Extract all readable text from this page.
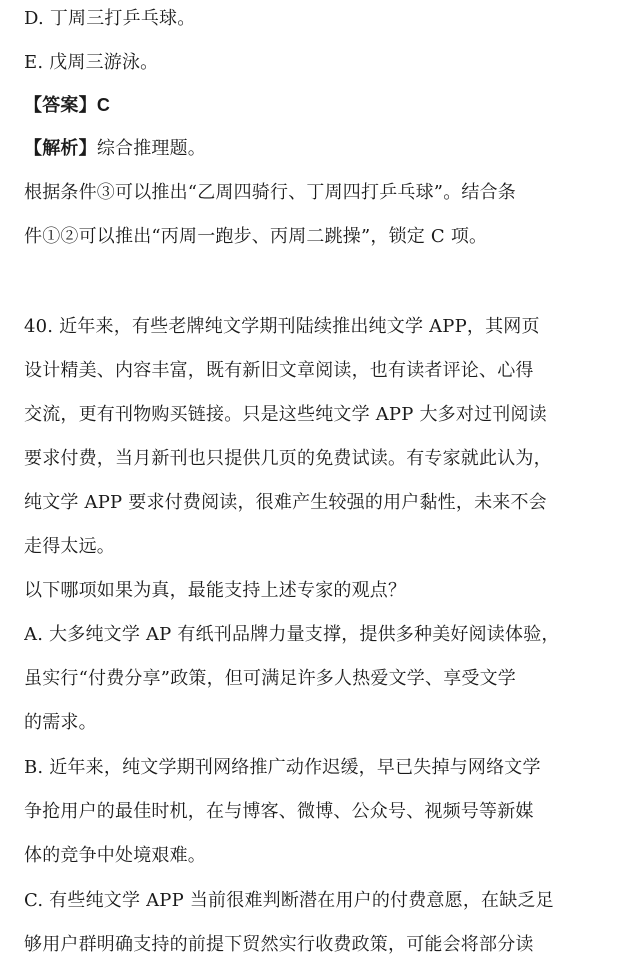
D. 丁周三打乒乓球。
E. 戊周三游泳。
【答案】C
【解析】综合推理题。
根据条件③可以推出“乙周四骑行、丁周四打乒乓球”。结合条
件①②可以推出“丙周一跑步、丙周二跳操”，锁定 C 项。
40. 近年来，有些老牌纯文学期刊陆续推出纯文学 APP，其网页
设计精美、内容丰富，既有新旧文章阅读，也有读者评论、心得
交流，更有刊物购买链接。只是这些纯文学 APP 大多对过刊阅读
要求付费，当月新刊也只提供几页的免费试读。有专家就此认为，
纯文学 APP 要求付费阅读，很难产生较强的用户黏性，未来不会
走得太远。
以下哪项如果为真，最能支持上述专家的观点？
A. 大多纯文学 AP 有纸刊品牌力量支撑，提供多种美好阅读体验，
虽实行“付费分享”政策，但可满足许多人热爱文学、享受文学
的需求。
B. 近年来，纯文学期刊网络推广动作迟缓，早已失掉与网络文学
争抢用户的最佳时机，在与博客、微博、公众号、视频号等新媒
体的竞争中处境艰难。
C. 有些纯文学 APP 当前很难判断潜在用户的付费意愿，在缺乏足
够用户群明确支持的前提下贸然实行收费政策，可能会将部分读
